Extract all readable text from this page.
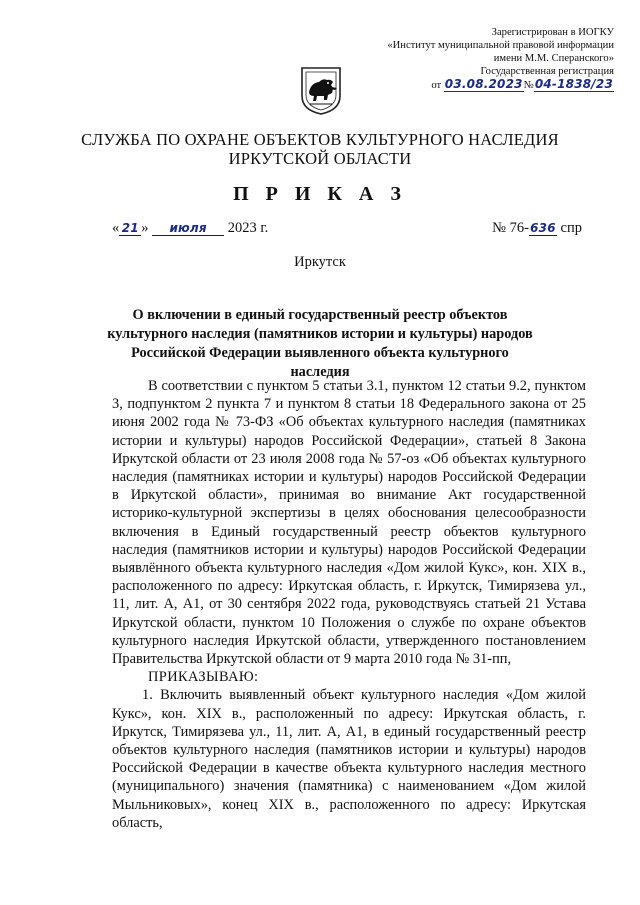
Зарегистрирован в ИОГКУ
«Институт муниципальной правовой информации
имени М.М. Сперанского»
Государственная регистрация
от 03.08.2023№04-1838/23
СЛУЖБА ПО ОХРАНЕ ОБЪЕКТОВ КУЛЬТУРНОГО НАСЛЕДИЯ
ИРКУТСКОЙ ОБЛАСТИ
П Р И К А З
« 21 » июля 2023 г.	№ 76-636 спр
Иркутск
О включении в единый государственный реестр объектов культурного наследия (памятников истории и культуры) народов Российской Федерации выявленного объекта культурного наследия

В соответствии с пунктом 5 статьи 3.1, пунктом 12 статьи 9.2, пунктом 3, подпунктом 2 пункта 7 и пунктом 8 статьи 18 Федерального закона от 25 июня 2002 года № 73-ФЗ «Об объектах культурного наследия (памятниках истории и культуры) народов Российской Федерации», статьей 8 Закона Иркутской области от 23 июля 2008 года № 57-оз «Об объектах культурного наследия (памятниках истории и культуры) народов Российской Федерации в Иркутской области», принимая во внимание Акт государственной историко-культурной экспертизы в целях обоснования целесообразности включения в Единый государственный реестр объектов культурного наследия (памятников истории и культуры) народов Российской Федерации выявлённого объекта культурного наследия «Дом жилой Кукс», кон. XIX в., расположенного по адресу: Иркутская область, г. Иркутск, Тимирязева ул., 11, лит. А, А1, от 30 сентября 2022 года, руководствуясь статьей 21 Устава Иркутской области, пунктом 10 Положения о службе по охране объектов культурного наследия Иркутской области, утвержденного постановлением Правительства Иркутской области от 9 марта 2010 года № 31-пп,

ПРИКАЗЫВАЮ:

1. Включить выявленный объект культурного наследия «Дом жилой Кукс», кон. XIX в., расположенный по адресу: Иркутская область, г. Иркутск, Тимирязева ул., 11, лит. А, А1, в единый государственный реестр объектов культурного наследия (памятников истории и культуры) народов Российской Федерации в качестве объекта культурного наследия местного (муниципального) значения (памятника) с наименованием «Дом жилой Мыльниковых», конец XIX в., расположенного по адресу: Иркутская область,
